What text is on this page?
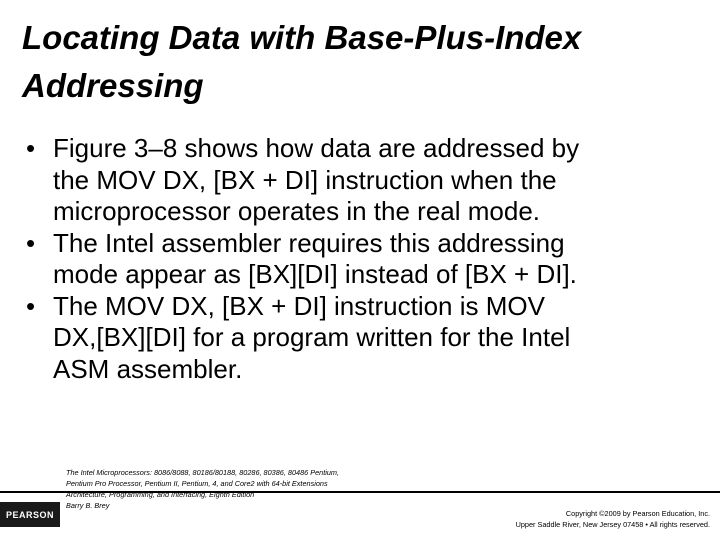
Locating Data with Base-Plus-Index
Addressing
• Figure 3–8 shows how data are addressed by
the MOV DX, [BX + DI] instruction when the
microprocessor operates in the real mode.
• The Intel assembler requires this addressing
mode appear as [BX][DI] instead of [BX + DI].
• The MOV DX, [BX + DI] instruction is MOV
DX,[BX][DI] for a program written for the Intel
ASM assembler.
PEARSON
The Intel Microprocessors: 8086/8088, 80186/80188, 80286, 80386, 80486 Pentium,
Pentium Pro Processor, Pentium II, Pentium, 4, and Core2 with 64-bit Extensions
Architecture, Programming, and Interfacing, Eighth Edition
Barry B. Brey
Copyright ©2009 by Pearson Education, Inc.
Upper Saddle River, New Jersey 07458 • All rights reserved.
